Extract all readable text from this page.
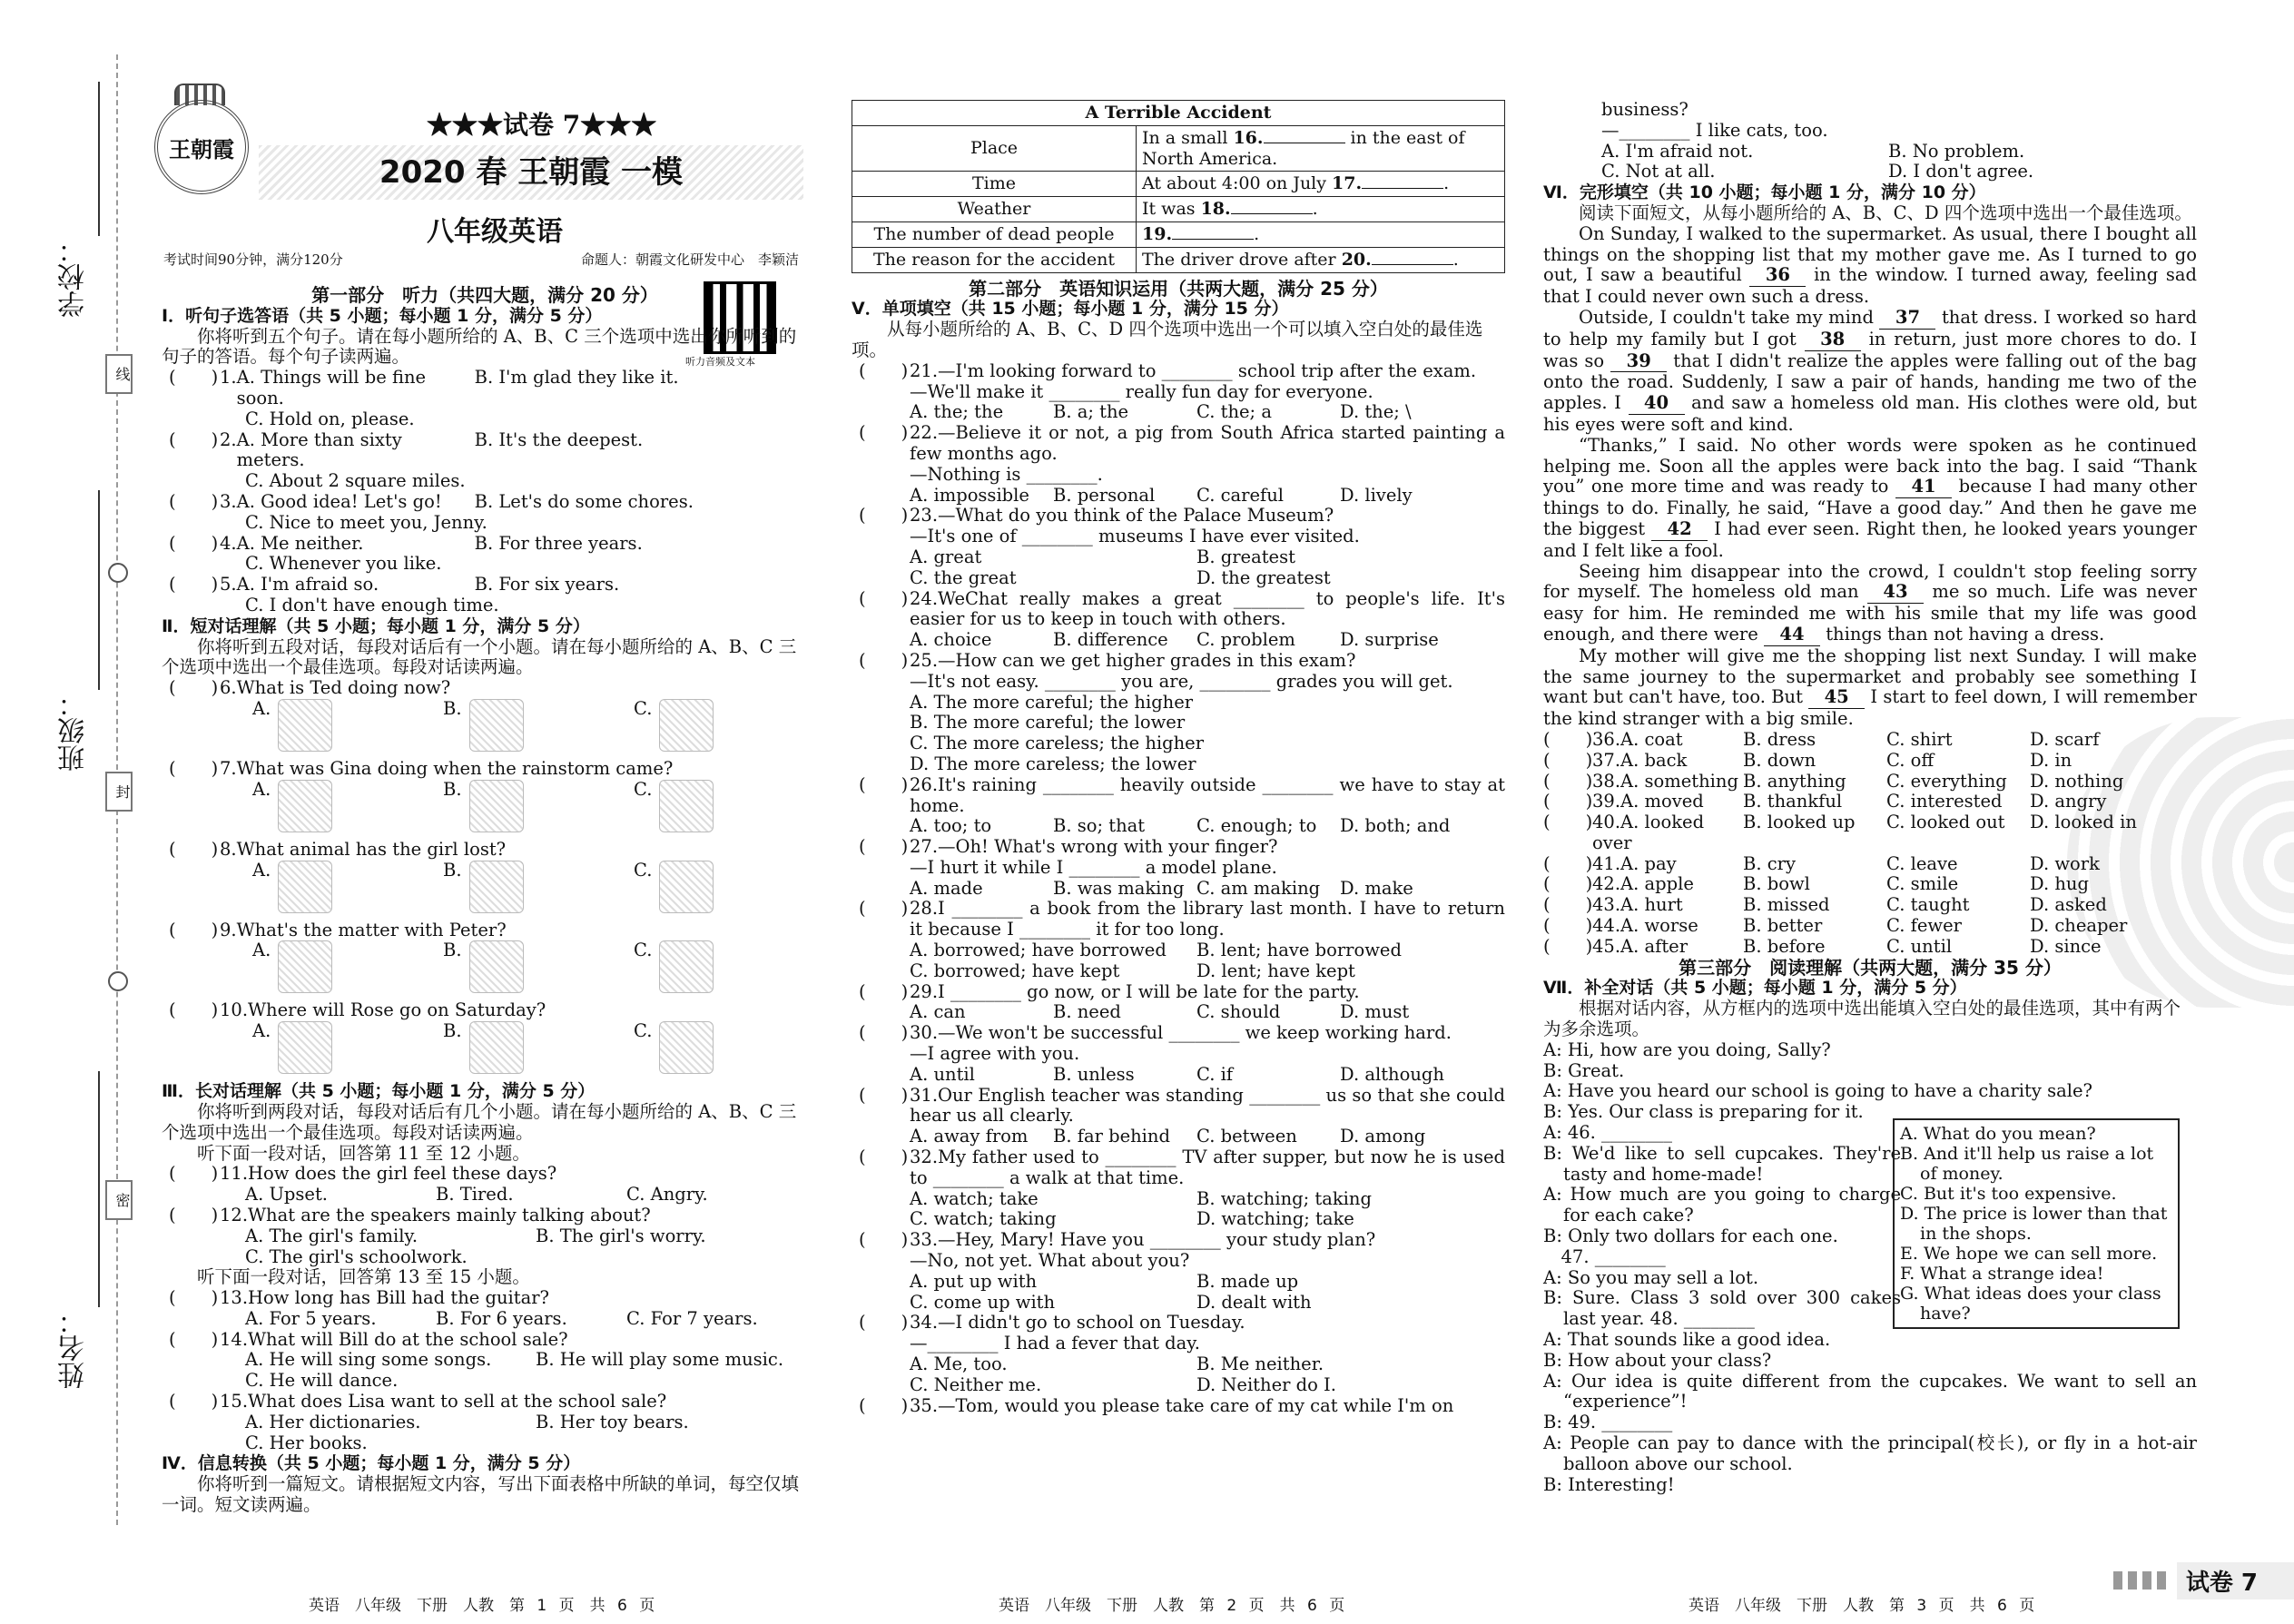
学校：
班级：
姓名：
线
封
密
王朝霞
★★★试卷 7★★★
2020 春 王朝霞 一模
八年级英语
考试时间90分钟，满分120分	命题人：朝霞文化研发中心　李颖洁
听力音频及文本

第一部分　听力（共四大题，满分 20 分）

Ⅰ．听句子选答语（共 5 小题；每小题 1 分，满分 5 分）

你将听到五个句子。请在每小题所给的 A、B、C 三个选项中选出你所听到的句子的答语。每个句子读两遍。

(　　) 1. A. Things will be fine soon.
B. I'm glad they like it.

C. Hold on, please.

(　　) 2. A. More than sixty meters.
B. It's the deepest.

C. About 2 square miles.

(　　) 3. A. Good idea! Let's go!	B. Let's do some chores.

C. Nice to meet you, Jenny.

(　　) 4. A. Me neither.	B. For three years.

C. Whenever you like.

(　　) 5. A. I'm afraid so.	B. For six years.

C. I don't have enough time.

Ⅱ．短对话理解（共 5 小题；每小题 1 分，满分 5 分）

你将听到五段对话，每段对话后有一个小题。请在每小题所给的 A、B、C 三个选项中选出一个最佳选项。每段对话读两遍。

(　　) 6.What is Ted doing now?

A.	B.	C.

(　　) 7.What was Gina doing when the rainstorm came?

A.	B.	C.

(　　) 8.What animal has the girl lost?

A.	B.	C.

(　　) 9.What's the matter with Peter?

A.	B.	C.

(　　) 10.Where will Rose go on Saturday?

A.	B.	C.

Ⅲ．长对话理解（共 5 小题；每小题 1 分，满分 5 分）

你将听到两段对话，每段对话后有几个小题。请在每小题所给的 A、B、C 三个选项中选出一个最佳选项。每段对话读两遍。

听下面一段对话，回答第 11 至 12 小题。

(　　) 11.How does the girl feel these days?

A. Upset.	B. Tired.	C. Angry.

(　　) 12.What are the speakers mainly talking about?

A. The girl's family.	B. The girl's worry.
C. The girl's schoolwork.

听下面一段对话，回答第 13 至 15 小题。

(　　) 13.How long has Bill had the guitar?

A. For 5 years.	B. For 6 years.	C. For 7 years.

(　　) 14.What will Bill do at the school sale?

A. He will sing some songs.	B. He will play some music.
C. He will dance.

(　　) 15.What does Lisa want to sell at the school sale?

A. Her dictionaries.	B. Her toy bears.
C. Her books.

Ⅳ．信息转换（共 5 小题；每小题 1 分，满分 5 分）

你将听到一篇短文。请根据短文内容，写出下面表格中所缺的单词，每空仅填一词。短文读两遍。

英语　八年级　下册　人教　第 1 页　共 6 页
A Terrible Accident	
Place	In a small 16. in the east of North America.
Time	At about 4:00 on July 17. .
Weather	It was 18. .
The number of dead people	19. .
The reason for the accident	The driver drove after 20. .

第二部分　英语知识运用（共两大题，满分 25 分）

Ⅴ．单项填空（共 15 小题；每小题 1 分，满分 15 分）

从每小题所给的 A、B、C、D 四个选项中选出一个可以填入空白处的最佳选项。

(　　) 21.—I'm looking forward to ________ school trip after the exam.

—We'll make it ________ really fun day for everyone.

A. the; the	B. a; the	C. the; a	D. the; \

(　　) 22.—Believe it or not, a pig from South Africa started painting a few months ago.

—Nothing is ________.

A. impossible	B. personal	C. careful	D. lively

(　　) 23.—What do you think of the Palace Museum?

—It's one of ________ museums I have ever visited.

A. great	B. greatest
C. the great	D. the greatest

(　　) 24.WeChat really makes a great ________ to people's life. It's easier for us to keep in touch with others.

A. choice	B. difference	C. problem	D. surprise

(　　) 25.—How can we get higher grades in this exam?

—It's not easy. ________ you are, ________ grades you will get.

A. The more careful; the higher
B. The more careful; the lower
C. The more careless; the higher
D. The more careless; the lower

(　　) 26.It's raining ________ heavily outside ________ we have to stay at home.

A. too; to	B. so; that	C. enough; to	D. both; and

(　　) 27.—Oh! What's wrong with your finger?

—I hurt it while I ________ a model plane.

A. made	B. was making C. am making	D. make

(　　) 28.I ________ a book from the library last month. I have to return it because I ________ it for too long.

A. borrowed; have borrowed	B. lent; have borrowed
C. borrowed; have kept	D. lent; have kept

(　　) 29.I ________ go now, or I will be late for the party.

A. can	B. need	C. should	D. must

(　　) 30.—We won't be successful ________ we keep working hard.

—I agree with you.

A. until	B. unless	C. if	D. although

(　　) 31.Our English teacher was standing ________ us so that she could hear us all clearly.

A. away from	B. far behind	C. between	D. among

(　　) 32.My father used to ________ TV after supper, but now he is used to ________ a walk at that time.

A. watch; take	B. watching; taking
C. watch; taking	D. watching; take

(　　) 33.—Hey, Mary! Have you ________ your study plan?

—No, not yet. What about you?

A. put up with	B. made up
C. come up with	D. dealt with

(　　) 34.—I didn't go to school on Tuesday.

—________ I had a fever that day.

A. Me, too.	B. Me neither.
C. Neither me.	D. Neither do I.

(　　) 35.—Tom, would you please take care of my cat while I'm on

英语　八年级　下册　人教　第 2 页　共 6 页

business?

—________ I like cats, too.

A. I'm afraid not.	B. No problem.
C. Not at all.	D. I don't agree.

Ⅵ．完形填空（共 10 小题；每小题 1 分，满分 10 分）

阅读下面短文，从每小题所给的 A、B、C、D 四个选项中选出一个最佳选项。

On Sunday, I walked to the supermarket. As usual, there I bought all things on the shopping list that my mother gave me. As I turned to go out, I saw a beautiful 36 in the window. I turned away, feeling sad that I could never own such a dress.

Outside, I couldn't take my mind 37 that dress. I worked so hard to help my family but I got 38 in return, just more chores to do. I was so 39 that I didn't realize the apples were falling out of the bag onto the road. Suddenly, I saw a pair of hands, handing me two of the apples. I 40 and saw a homeless old man. His clothes were old, but his eyes were soft and kind.

“Thanks,” I said. No other words were spoken as he continued helping me. Soon all the apples were back into the bag. I said “Thank you” one more time and was ready to 41 because I had many other things to do. Finally, he said, “Have a good day.” And then he gave me the biggest 42 I had ever seen. Right then, he looked years younger and I felt like a fool.

Seeing him disappear into the crowd, I couldn't stop feeling sorry for myself. The homeless old man 43 me so much. Life was never easy for him. He reminded me with his smile that my life was good enough, and there were 44 things than not having a dress.

My mother will give me the shopping list next Sunday. I will make the same journey to the supermarket and probably see something I want but can't have, too. But 45 I start to feel down, I will remember the kind stranger with a big smile.

(　　) 36.A. coat	B. dress	C. shirt	D. scarf
(　　) 37.A. back	B. down	C. off	D. in
(　　) 38.A. something B. anything	C. everything	D. nothing
(　　) 39.A. moved	B. thankful	C. interested	D. angry
(　　) 40.A. looked over
B. looked up	C. looked out	D. looked in
(　　) 41.A. pay	B. cry	C. leave	D. work
(　　) 42.A. apple	B. bowl	C. smile	D. hug
(　　) 43.A. hurt	B. missed	C. taught	D. asked
(　　) 44.A. worse	B. better	C. fewer	D. cheaper
(　　) 45.A. after	B. before	C. until	D. since

第三部分　阅读理解（共两大题，满分 35 分）

Ⅶ．补全对话（共 5 小题；每小题 1 分，满分 5 分）

根据对话内容，从方框内的选项中选出能填入空白处的最佳选项，其中有两个为多余选项。

A: Hi, how are you doing, Sally?

B: Great.

A: Have you heard our school is going to have a charity sale?

B: Yes. Our class is preparing for it.

A: 46. ________

B: We'd like to sell cupcakes. They're tasty and home-made!

A: How much are you going to charge for each cake?

B: Only two dollars for each one.

　47. ________

A: So you may sell a lot.

B: Sure. Class 3 sold over 300 cakes last year. 48. ________

A: That sounds like a good idea.

B: How about your class?

A: Our idea is quite different from the cupcakes. We want to sell an “experience”!

B: 49. ________

A: People can pay to dance with the principal(校长), or fly in a hot-air balloon above our school.

B: Interesting!

A. What do you mean?

B. And it'll help us raise a lot of money.

C. But it's too expensive.

D. The price is lower than that in the shops.

E. We hope we can sell more.

F. What a strange idea!

G. What ideas does your class have?

英语　八年级　下册　人教　第 3 页　共 6 页
试卷 7
